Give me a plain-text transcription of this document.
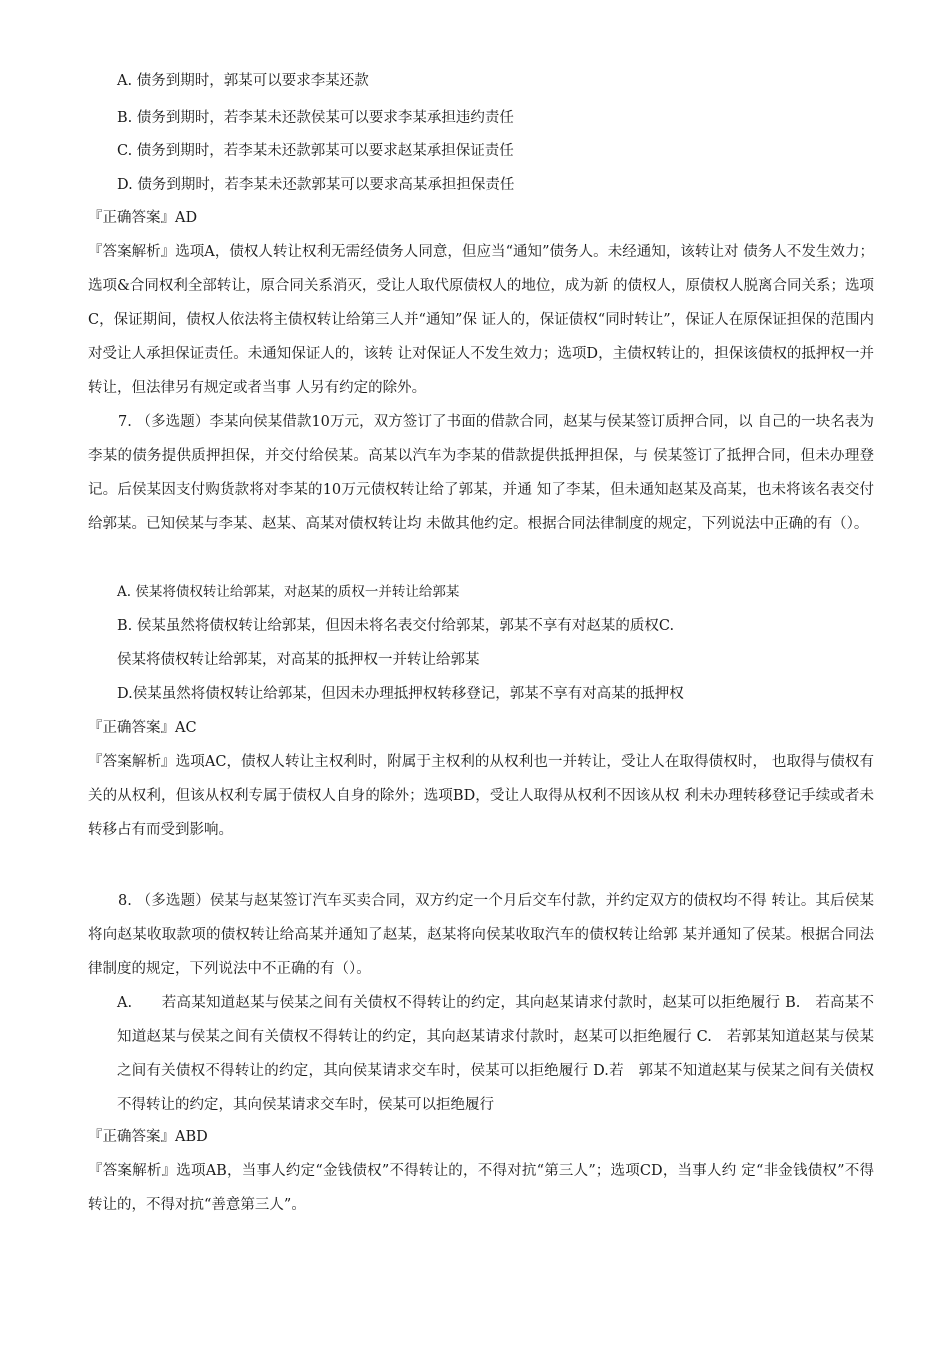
A. 债务到期时，郭某可以要求李某还款
B. 债务到期时，若李某未还款侯某可以要求李某承担违约责任
C. 债务到期时，若李某未还款郭某可以要求赵某承担保证责任
D. 债务到期时，若李某未还款郭某可以要求高某承担担保责任
『正确答案』AD
『答案解析』选项A，债权人转让权利无需经债务人同意，但应当“通知”债务人。未经通知，该转让对 债务人不发生效力；选项&合同权利全部转让，原合同关系消灭，受让人取代原债权人的地位，成为新 的债权人，原债权人脱离合同关系；选项C，保证期间，债权人依法将主债权转让给第三人并“通知”保 证人的，保证债权“同时转让”，保证人在原保证担保的范围内对受让人承担保证责任。未通知保证人的，该转 让对保证人不发生效力；选项D，主债权转让的，担保该债权的抵押权一并转让，但法律另有规定或者当事 人另有约定的除外。
7. （多选题）李某向侯某借款10万元，双方签订了书面的借款合同，赵某与侯某签订质押合同，以 自己的一块名表为李某的债务提供质押担保，并交付给侯某。高某以汽车为李某的借款提供抵押担保，与 侯某签订了抵押合同，但未办理登记。后侯某因支付购货款将对李某的10万元债权转让给了郭某，并通 知了李某，但未通知赵某及高某，也未将该名表交付给郭某。已知侯某与李某、赵某、高某对债权转让均 未做其他约定。根据合同法律制度的规定，下列说法中正确的有（）。
A. 侯某将债权转让给郭某，对赵某的质权一并转让给郭某
B. 侯某虽然将债权转让给郭某，但因未将名表交付给郭某，郭某不享有对赵某的质权C.
侯某将债权转让给郭某，对高某的抵押权一并转让给郭某
D.侯某虽然将债权转让给郭某，但因未办理抵押权转移登记，郭某不享有对高某的抵押权
『正确答案』AC
『答案解析』选项AC，债权人转让主权利时，附属于主权利的从权利也一并转让，受让人在取得债权时， 也取得与债权有关的从权利，但该从权利专属于债权人自身的除外；选项BD，受让人取得从权利不因该从权 利未办理转移登记手续或者未转移占有而受到影响。
8. （多选题）侯某与赵某签订汽车买卖合同，双方约定一个月后交车付款，并约定双方的债权均不得 转让。其后侯某将向赵某收取款项的债权转让给高某并通知了赵某，赵某将向侯某收取汽车的债权转让给郭 某并通知了侯某。根据合同法律制度的规定，下列说法中不正确的有（）。
A.　　若高某知道赵某与侯某之间有关债权不得转让的约定，其向赵某请求付款时，赵某可以拒绝履行 B.　若高某不知道赵某与侯某之间有关债权不得转让的约定，其向赵某请求付款时，赵某可以拒绝履行 C.　若郭某知道赵某与侯某之间有关债权不得转让的约定，其向侯某请求交车时，侯某可以拒绝履行 D.若　郭某不知道赵某与侯某之间有关债权不得转让的约定，其向侯某请求交车时，侯某可以拒绝履行
『正确答案』ABD
『答案解析』选项AB，当事人约定“金钱债权”不得转让的，不得对抗“第三人”；选项CD，当事人约 定“非金钱债权”不得转让的，不得对抗“善意第三人”。
